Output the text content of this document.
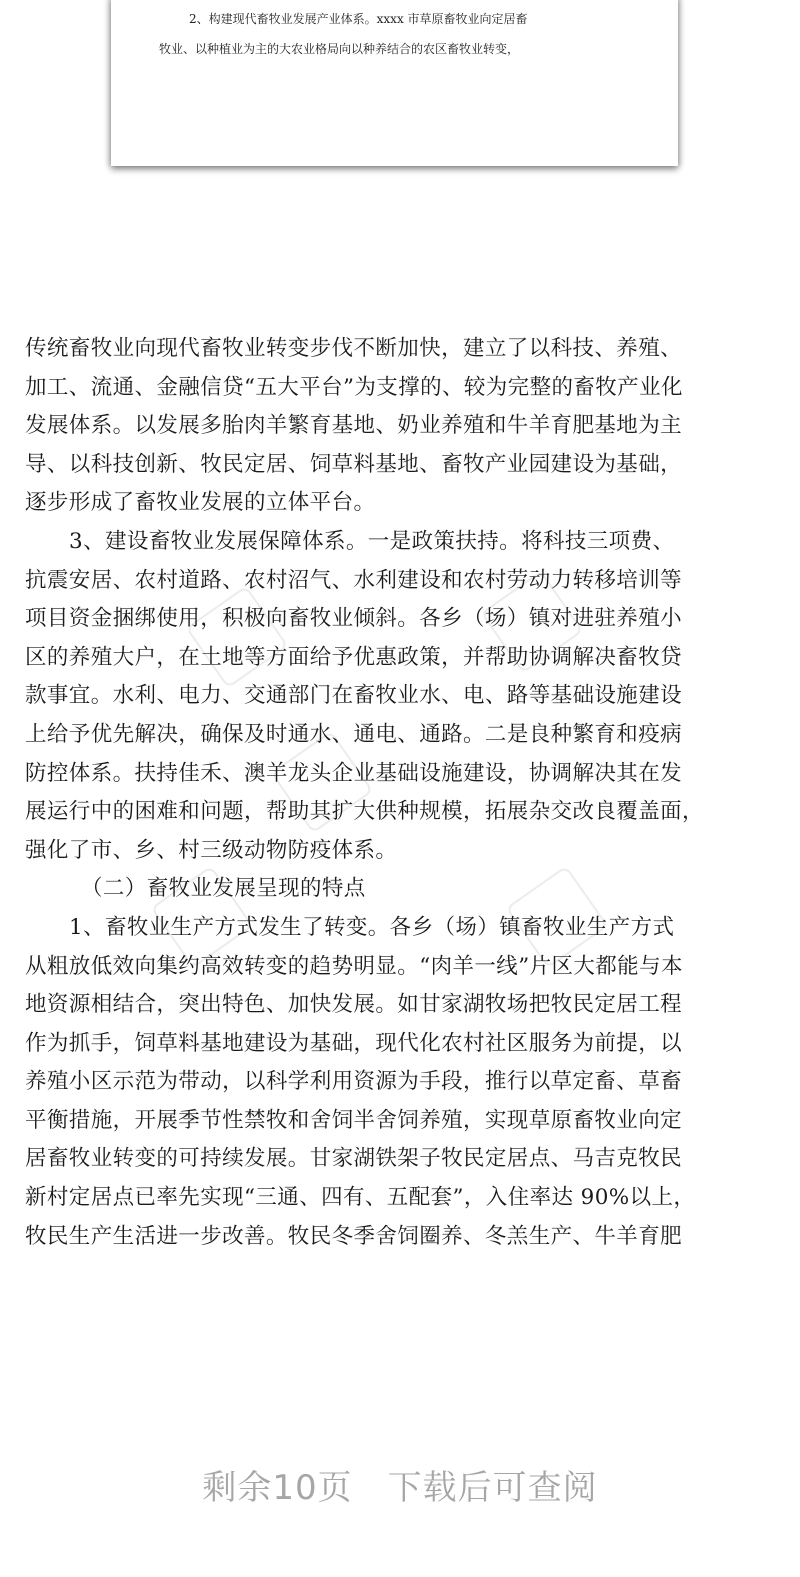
2、构建现代畜牧业发展产业体系。xxxx 市草原畜牧业向定居畜
牧业、以种植业为主的大农业格局向以种养结合的农区畜牧业转变，
传统畜牧业向现代畜牧业转变步伐不断加快，建立了以科技、养殖、
加工、流通、金融信贷“五大平台”为支撑的、较为完整的畜牧产业化
发展体系。以发展多胎肉羊繁育基地、奶业养殖和牛羊育肥基地为主
导、以科技创新、牧民定居、饲草料基地、畜牧产业园建设为基础，
逐步形成了畜牧业发展的立体平台。
3、建设畜牧业发展保障体系。一是政策扶持。将科技三项费、
抗震安居、农村道路、农村沼气、水利建设和农村劳动力转移培训等
项目资金捆绑使用，积极向畜牧业倾斜。各乡（场）镇对进驻养殖小
区的养殖大户，在土地等方面给予优惠政策，并帮助协调解决畜牧贷
款事宜。水利、电力、交通部门在畜牧业水、电、路等基础设施建设
上给予优先解决，确保及时通水、通电、通路。二是良种繁育和疫病
防控体系。扶持佳禾、澳羊龙头企业基础设施建设，协调解决其在发
展运行中的困难和问题，帮助其扩大供种规模，拓展杂交改良覆盖面，
强化了市、乡、村三级动物防疫体系。
（二）畜牧业发展呈现的特点
1、畜牧业生产方式发生了转变。各乡（场）镇畜牧业生产方式
从粗放低效向集约高效转变的趋势明显。“肉羊一线”片区大都能与本
地资源相结合，突出特色、加快发展。如甘家湖牧场把牧民定居工程
作为抓手，饲草料基地建设为基础，现代化农村社区服务为前提，以
养殖小区示范为带动，以科学利用资源为手段，推行以草定畜、草畜
平衡措施，开展季节性禁牧和舍饲半舍饲养殖，实现草原畜牧业向定
居畜牧业转变的可持续发展。甘家湖铁架子牧民定居点、马吉克牧民
新村定居点已率先实现“三通、四有、五配套”，入住率达 90%以上，
牧民生产生活进一步改善。牧民冬季舍饲圈养、冬羔生产、牛羊育肥
剩余10页　下载后可查阅
